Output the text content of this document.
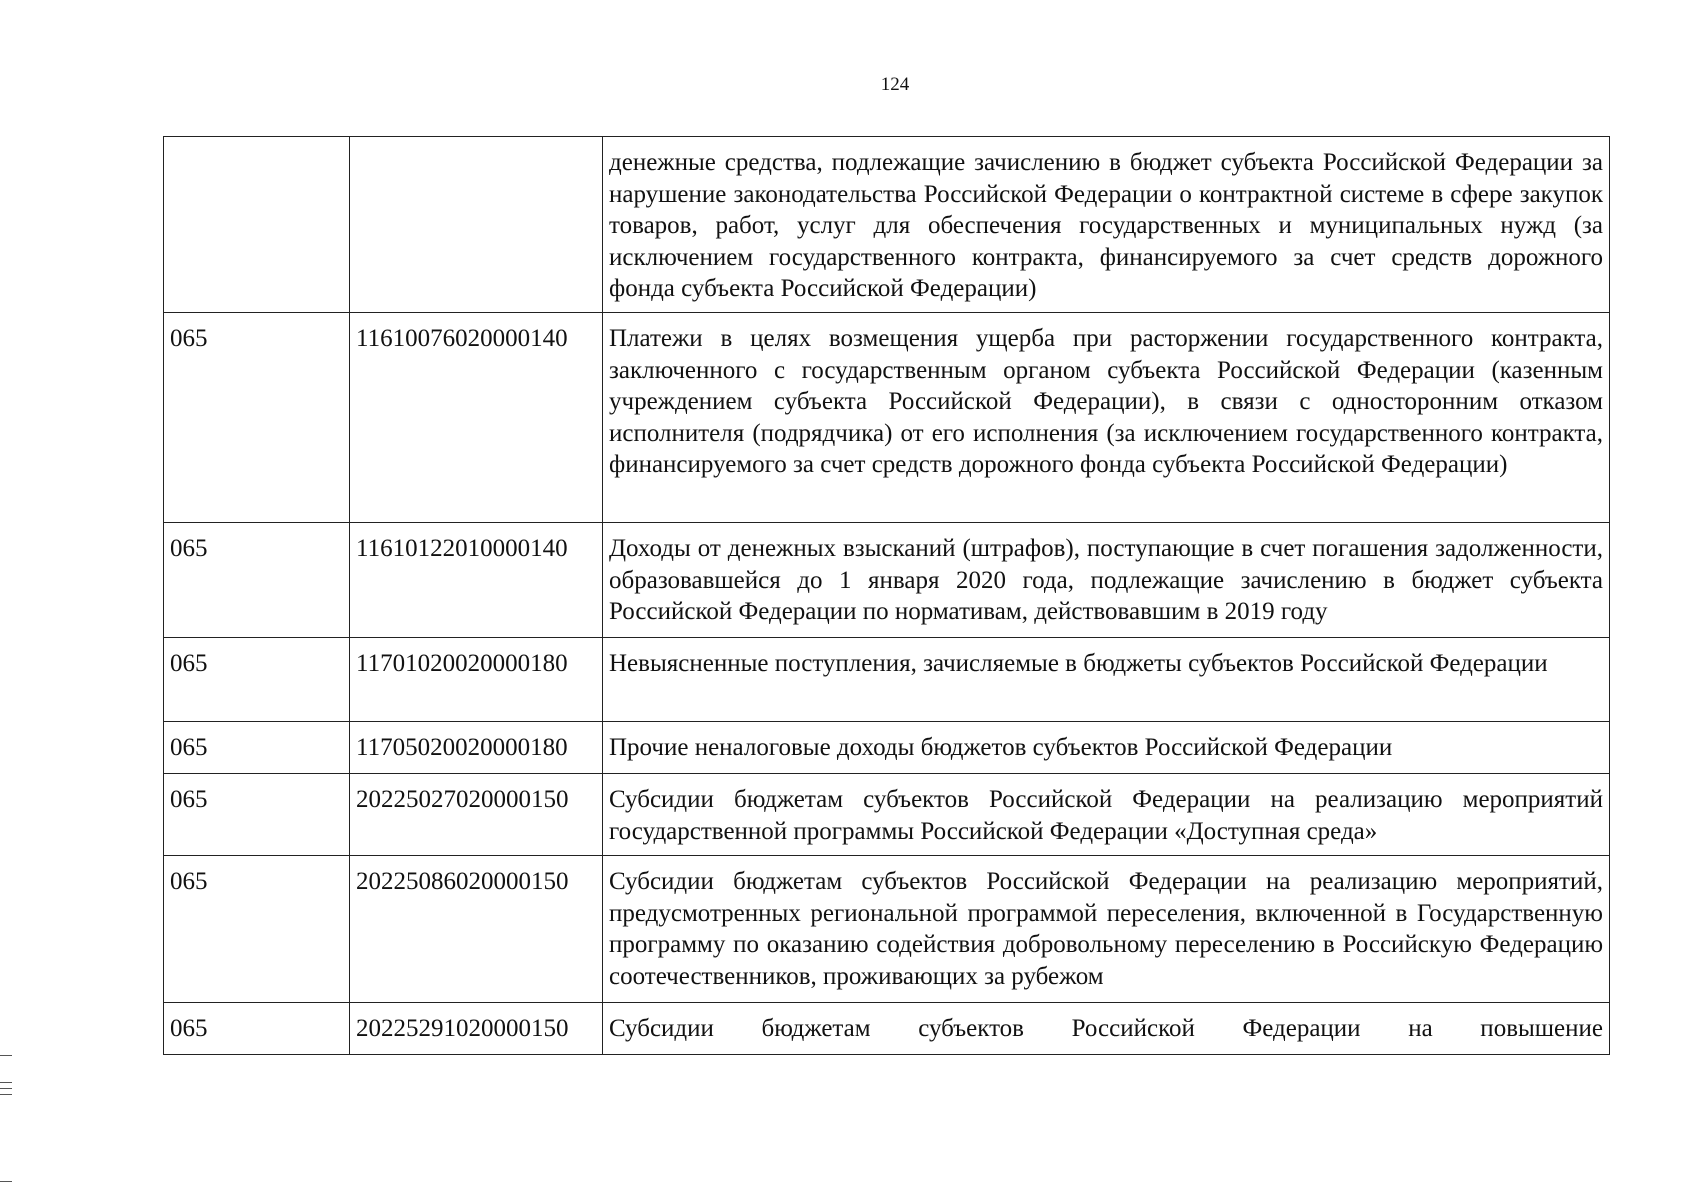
124
		денежные средства, подлежащие зачислению в бюджет субъекта Российской Федерации за нарушение законодательства Российской Федерации о контрактной системе в сфере закупок товаров, работ, услуг для обеспечения государственных и муниципальных нужд (за исключением государственного контракта, финансируемого за счет средств дорожного фонда субъекта Российской Федерации)
065	11610076020000140	Платежи в целях возмещения ущерба при расторжении государственного контракта, заключенного с государственным органом субъекта Российской Федерации (казенным учреждением субъекта Российской Федерации), в связи с односторонним отказом исполнителя (подрядчика) от его исполнения (за исключением государственного контракта, финансируемого за счет средств дорожного фонда субъекта Российской Федерации)
065	11610122010000140	Доходы от денежных взысканий (штрафов), поступающие в счет погашения задолженности, образовавшейся до 1 января 2020 года, подлежащие зачислению в бюджет субъекта Российской Федерации по нормативам, действовавшим в 2019 году
065	11701020020000180	Невыясненные поступления, зачисляемые в бюджеты субъектов Российской Федерации
065	11705020020000180	Прочие неналоговые доходы бюджетов субъектов Российской Федерации
065	20225027020000150	Субсидии бюджетам субъектов Российской Федерации на реализацию мероприятий государственной программы Российской Федерации «Доступная среда»
065	20225086020000150	Субсидии бюджетам субъектов Российской Федерации на реализацию мероприятий, предусмотренных региональной программой переселения, включенной в Государственную программу по оказанию содействия добровольному переселению в Российскую Федерацию соотечественников, проживающих за рубежом
065	20225291020000150	Субсидии бюджетам субъектов Российской Федерации на повышение
